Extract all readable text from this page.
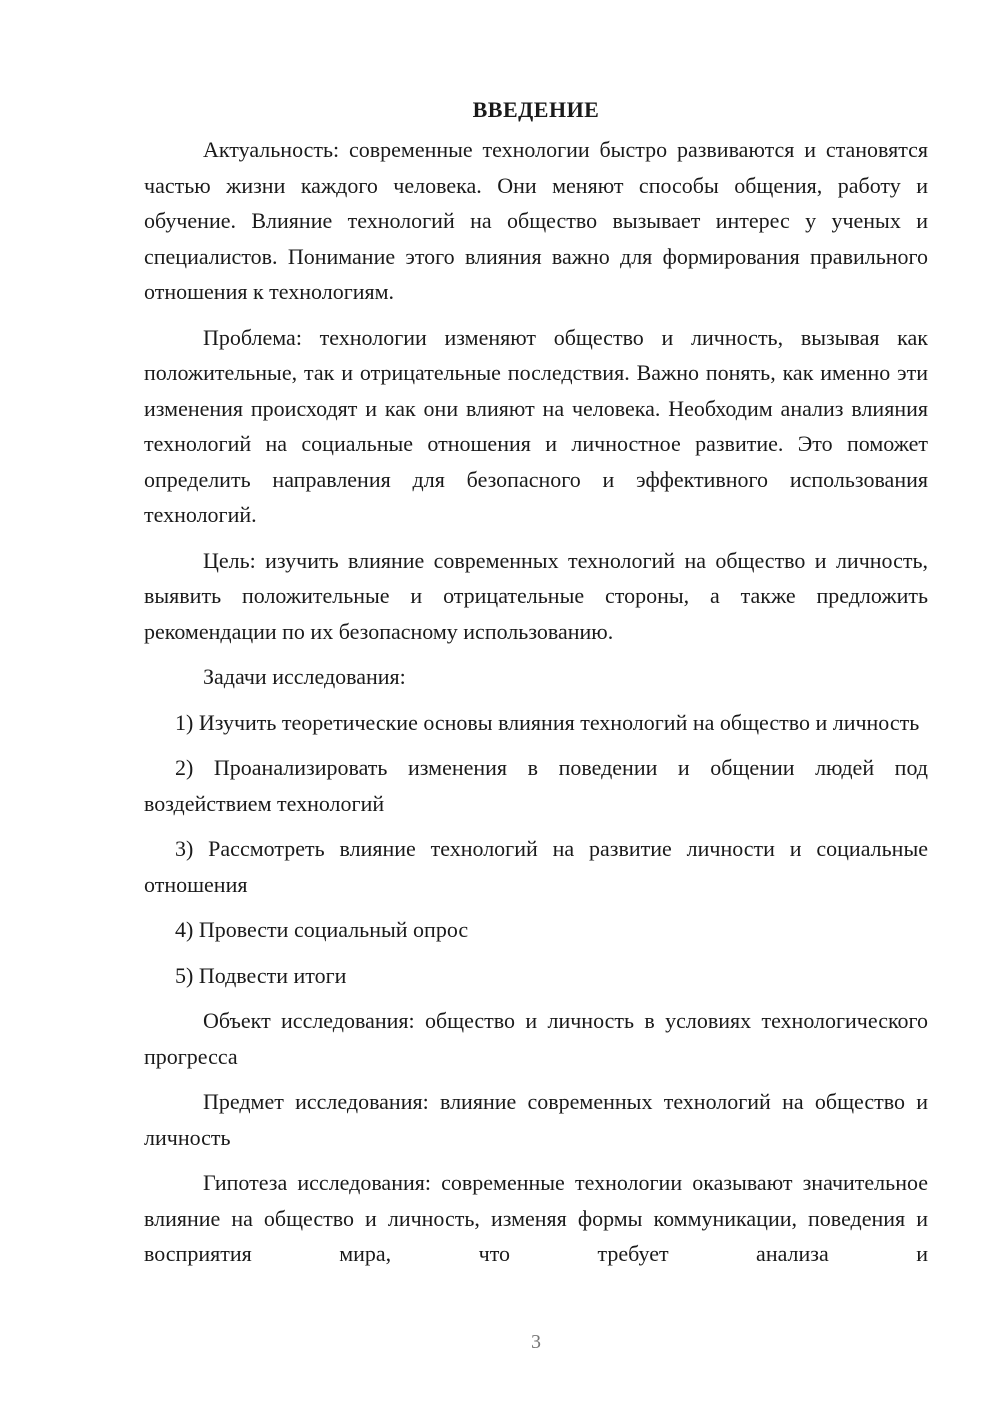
ВВЕДЕНИЕ

Актуальность: современные технологии быстро развиваются и становятся частью жизни каждого человека. Они меняют способы общения, работу и обучение. Влияние технологий на общество вызывает интерес у ученых и специалистов. Понимание этого влияния важно для формирования правильного отношения к технологиям.

Проблема: технологии изменяют общество и личность, вызывая как положительные, так и отрицательные последствия. Важно понять, как именно эти изменения происходят и как они влияют на человека. Необходим анализ влияния технологий на социальные отношения и личностное развитие. Это поможет определить направления для безопасного и эффективного использования технологий.

Цель: изучить влияние современных технологий на общество и личность, выявить положительные и отрицательные стороны, а также предложить рекомендации по их безопасному использованию.

Задачи исследования:

1) Изучить теоретические основы влияния технологий на общество и личность

2) Проанализировать изменения в поведении и общении людей под воздействием технологий

3) Рассмотреть влияние технологий на развитие личности и социальные отношения

4) Провести социальный опрос

5) Подвести итоги

Объект исследования: общество и личность в условиях технологического прогресса

Предмет исследования: влияние современных технологий на общество и личность

Гипотеза исследования: современные технологии оказывают значительное влияние на общество и личность, изменяя формы коммуникации, поведения и восприятия мира, что требует анализа и

3
